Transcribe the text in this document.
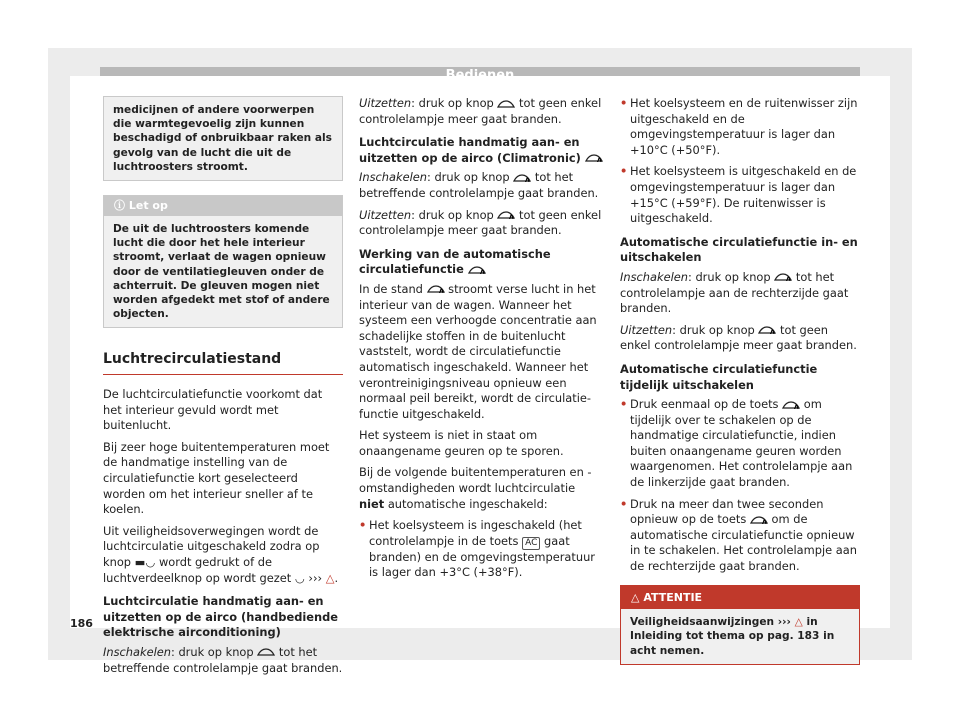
medicijnen of andere voorwerpen die warmtegevoelig zijn kunnen beschadigd of onbruikbaar raken als gevolg van de lucht die uit de luchtroosters stroomt.
ⓘ Let op
De uit de luchtroosters komende lucht die door het hele interieur stroomt, verlaat de wagen opnieuw door de ventilatiegleuven onder de achterruit. De gleuven mogen niet worden afgedekt met stof of andere objecten.
Luchtrecirculatiestand

De luchtcirculatiefunctie voorkomt dat het interieur gevuld wordt met buitenlucht.

Bij zeer hoge buitentemperaturen moet de handmatige instelling van de circulatiefunctie kort geselecteerd worden om het interieur sneller af te koelen.

Uit veiligheidsoverwegingen wordt de luchtcirculatie uitgeschakeld zodra op knop ▬◡ wordt gedrukt of de luchtverdeelknop op wordt gezet ◡ ››› △.

Luchtcirculatie handmatig aan- en uitzetten op de airco (handbediende elektrische airconditioning)

Inschakelen: druk op knop tot het betreffende controlelampje gaat branden.

Uitzetten: druk op knop tot geen enkel controlelampje meer gaat branden.

Luchtcirculatie handmatig aan- en uitzetten op de airco (Climatronic)	A

Inschakelen: druk op knop	A tot het betreffende controlelampje gaat branden.

Uitzetten: druk op knop	A tot geen enkel controlelampje meer gaat branden.

Werking van de automatische circulatiefunctie	A

In de stand	A stroomt verse lucht in het interieur van de wagen. Wanneer het systeem een verhoogde concentratie aan schadelijke stoffen in de buitenlucht vaststelt, wordt de circulatiefunctie automatisch ingeschakeld. Wanneer het verontreinigingsniveau opnieuw een normaal peil bereikt, wordt de circulatiefunctie uitgeschakeld.

Het systeem is niet in staat om onaangename geuren op te sporen.

Bij de volgende buitentemperaturen en -omstandigheden wordt luchtcirculatie niet automatische ingeschakeld:

• Het koelsysteem is ingeschakeld (het controlelampje in de toets AC gaat branden) en de omgevingstemperatuur is lager dan +3°C (+38°F).
• Het koelsysteem en de ruitenwisser zijn uitgeschakeld en de omgevingstemperatuur is lager dan +10°C (+50°F).
• Het koelsysteem is uitgeschakeld en de omgevingstemperatuur is lager dan +15°C (+59°F). De ruitenwisser is uitgeschakeld.
Automatische circulatiefunctie in- en uitschakelen

Inschakelen: druk op knop	A tot het controlelampje aan de rechterzijde gaat branden.

Uitzetten: druk op knop	A tot geen enkel controlelampje meer gaat branden.

Automatische circulatiefunctie tijdelijk uitschakelen
• Druk eenmaal op de toets	A om tijdelijk over te schakelen op de handmatige circulatiefunctie, indien buiten onaangename geuren worden waargenomen. Het controlelampje aan de linkerzijde gaat branden.
• Druk na meer dan twee seconden opnieuw op de toets	A om de automatische circulatiefunctie opnieuw in te schakelen. Het controlelampje aan de rechterzijde gaat branden.
△ ATTENTIE
Veiligheidsaanwijzingen ››› △ in Inleiding tot thema op pag. 183 in acht nemen.
186
